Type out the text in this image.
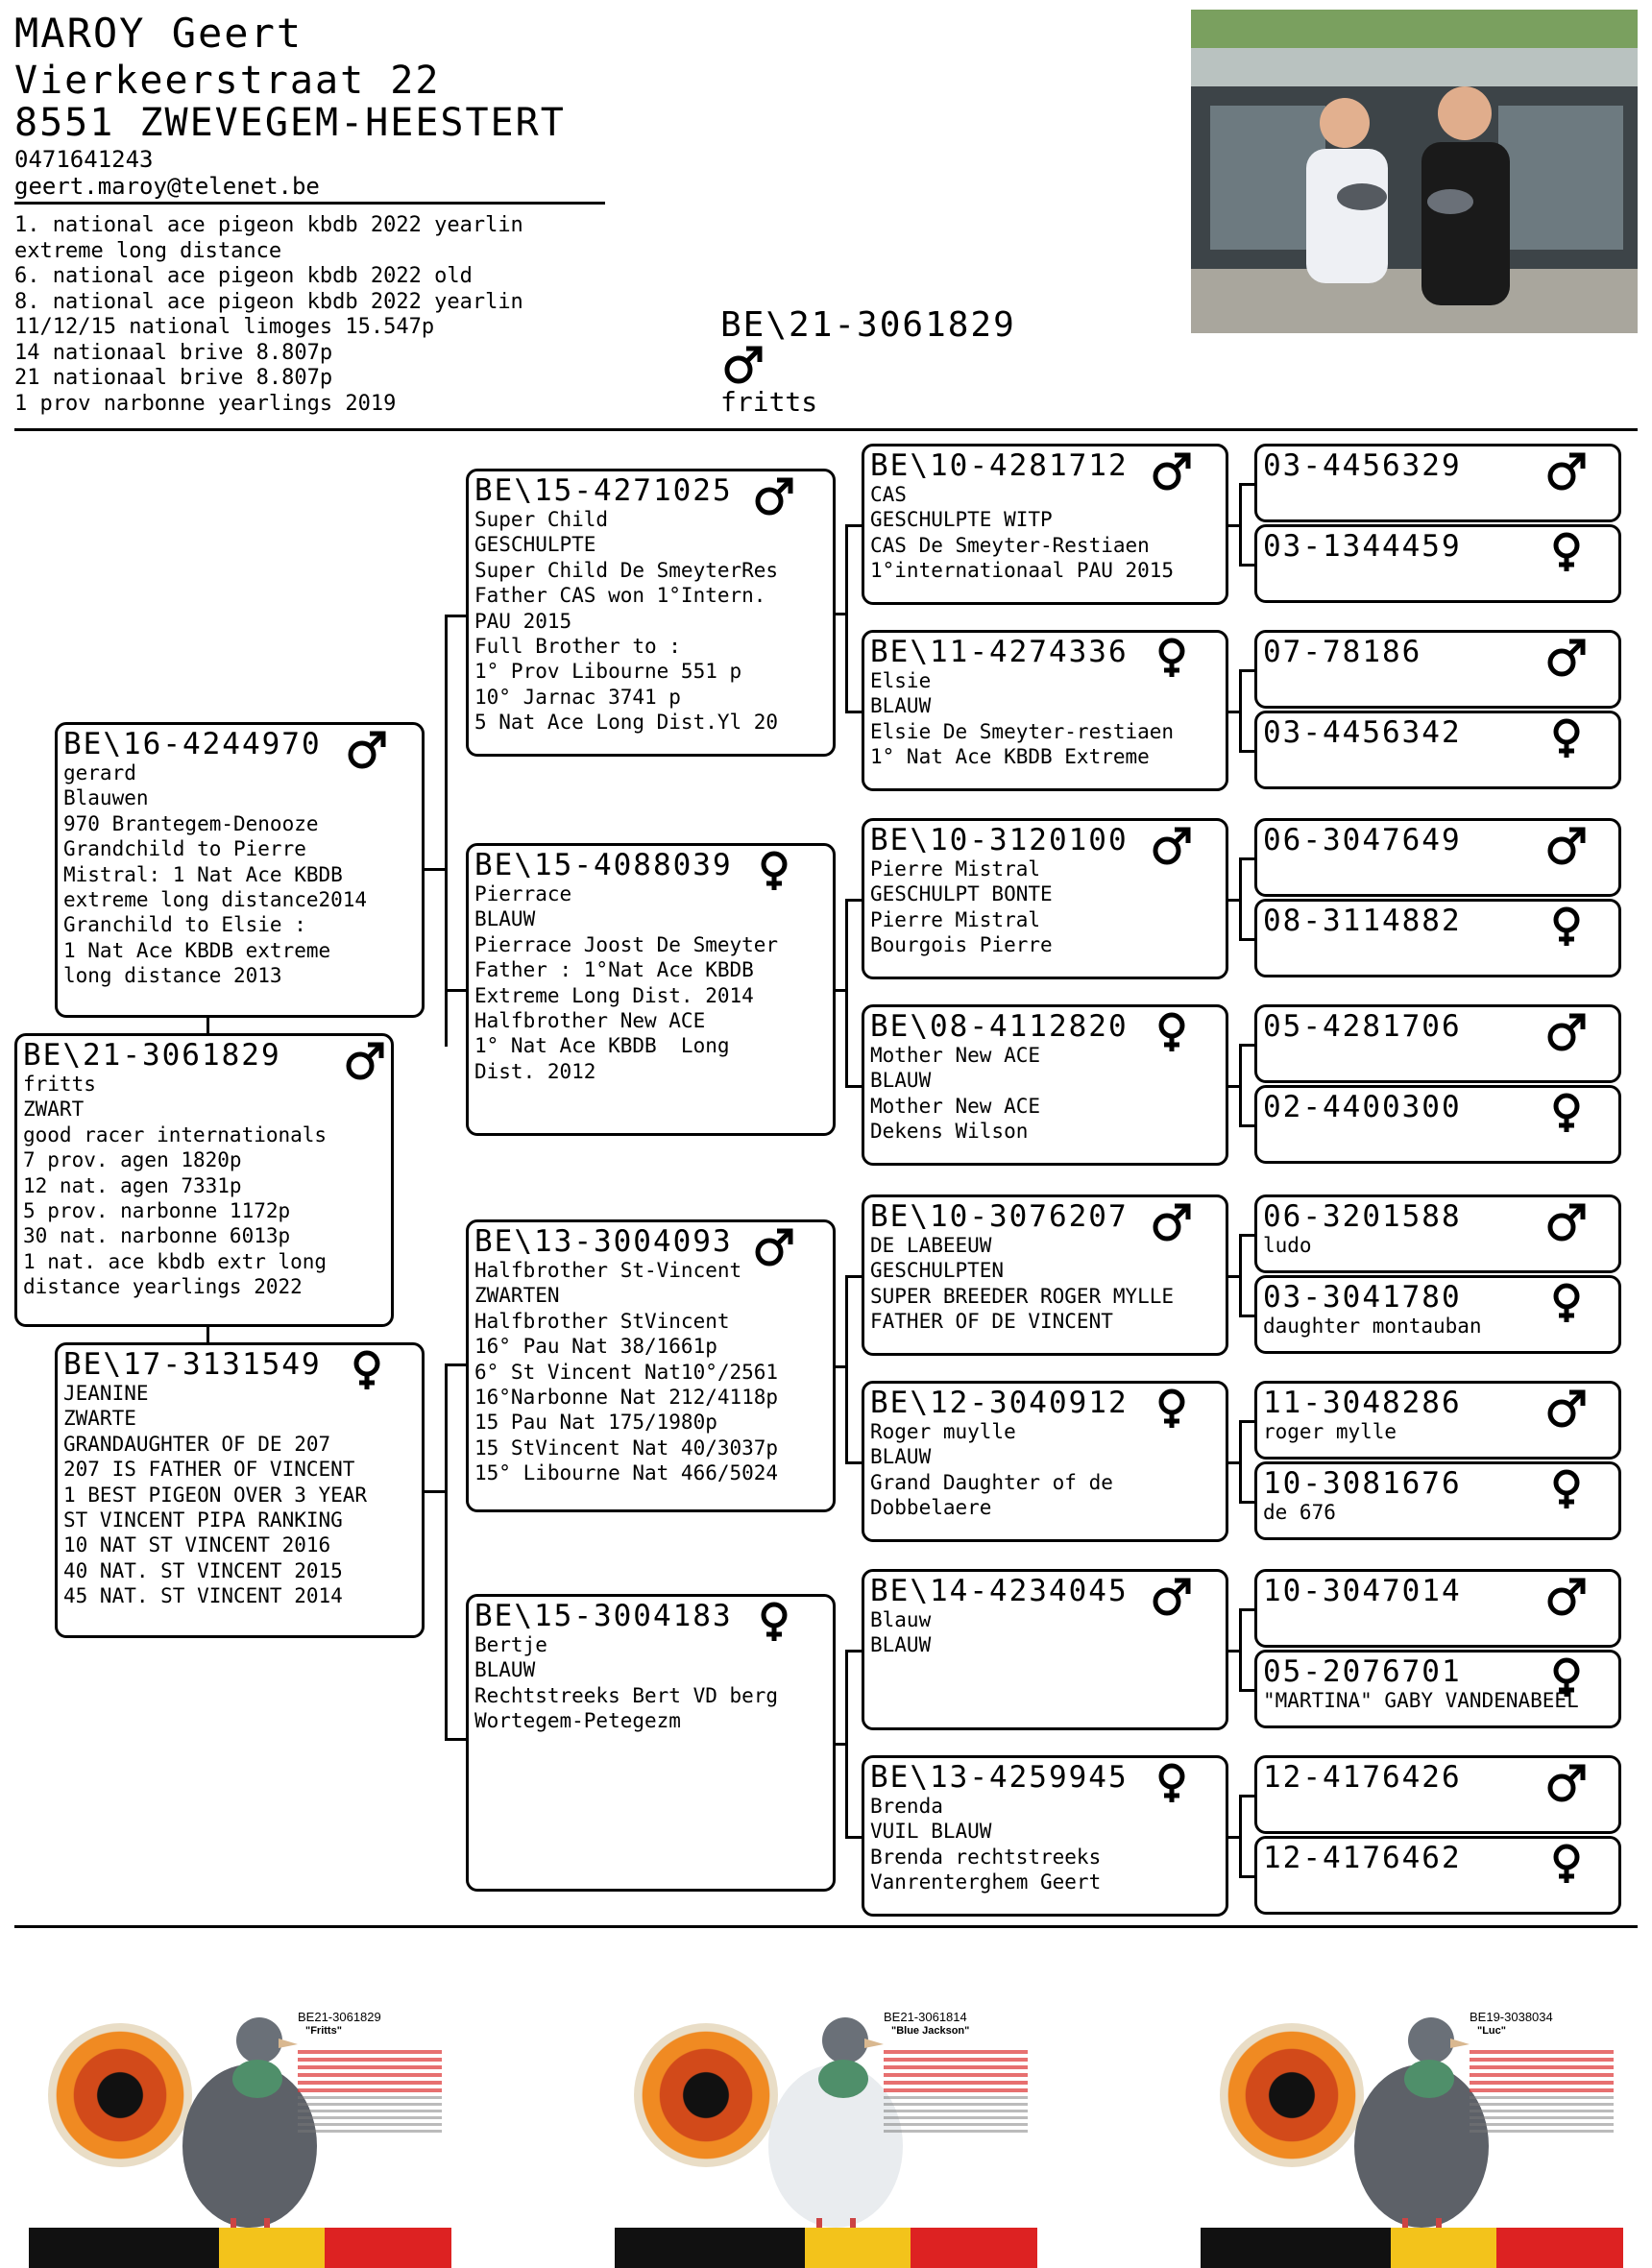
MAROY Geert
Vierkeerstraat 22
8551 ZWEVEGEM-HEESTERT
0471641243
geert.maroy@telenet.be
1. national ace pigeon kbdb 2022 yearlin
extreme long distance
6. national ace pigeon kbdb 2022 old
8. national ace pigeon kbdb 2022 yearlin
11/12/15 national limoges 15.547p
14 nationaal brive 8.807p
21 nationaal brive 8.807p
1 prov narbonne yearlings 2019
BE\21-3061829
fritts
BE\21-3061829
fritts
ZWART
good racer internationals
7 prov. agen 1820p
12 nat. agen 7331p
5 prov. narbonne 1172p
30 nat. narbonne 6013p
1 nat. ace kbdb extr long
distance yearlings 2022
BE\16-4244970
gerard
Blauwen
970 Brantegem-Denooze
Grandchild to Pierre
Mistral: 1 Nat Ace KBDB
extreme long distance2014
Granchild to Elsie :
1 Nat Ace KBDB extreme
long distance 2013
BE\17-3131549
JEANINE
ZWARTE
GRANDAUGHTER OF DE 207
207 IS FATHER OF VINCENT
1 BEST PIGEON OVER 3 YEAR
ST VINCENT PIPA RANKING
10 NAT ST VINCENT 2016
40 NAT. ST VINCENT 2015
45 NAT. ST VINCENT 2014
BE\15-4271025
Super Child
GESCHULPTE
Super Child De SmeyterRes
Father CAS won 1°Intern.
PAU 2015
Full Brother to :
1° Prov Libourne 551 p
10° Jarnac 3741 p
5 Nat Ace Long Dist.Yl 20
BE\15-4088039
Pierrace
BLAUW
Pierrace Joost De Smeyter
Father : 1°Nat Ace KBDB
Extreme Long Dist. 2014
Halfbrother New ACE
1° Nat Ace KBDB  Long
Dist. 2012
BE\13-3004093
Halfbrother St-Vincent
ZWARTEN
Halfbrother StVincent
16° Pau Nat 38/1661p
6° St Vincent Nat10°/2561
16°Narbonne Nat 212/4118p
15 Pau Nat 175/1980p
15 StVincent Nat 40/3037p
15° Libourne Nat 466/5024
BE\15-3004183
Bertje
BLAUW
Rechtstreeks Bert VD berg
Wortegem-Petegezm
BE\10-4281712
CAS
GESCHULPTE WITP
CAS De Smeyter-Restiaen
1°internationaal PAU 2015
BE\11-4274336
Elsie
BLAUW
Elsie De Smeyter-restiaen
1° Nat Ace KBDB Extreme
BE\10-3120100
Pierre Mistral
GESCHULPT BONTE
Pierre Mistral
Bourgois Pierre
BE\08-4112820
Mother New ACE
BLAUW
Mother New ACE
Dekens Wilson
BE\10-3076207
DE LABEEUW
GESCHULPTEN
SUPER BREEDER ROGER MYLLE
FATHER OF DE VINCENT
BE\12-3040912
Roger muylle
BLAUW
Grand Daughter of de
Dobbelaere
BE\14-4234045
Blauw
BLAUW
BE\13-4259945
Brenda
VUIL BLAUW
Brenda rechtstreeks
Vanrenterghem Geert
03-4456329
03-1344459
07-78186
03-4456342
06-3047649
08-3114882
05-4281706
02-4400300
06-3201588
ludo
03-3041780
daughter montauban
11-3048286
roger mylle
10-3081676
de 676
10-3047014
05-2076701
"MARTINA" GABY VANDENABEEL
12-4176426
12-4176462
BE21-3061829
"Fritts"
BE21-3061814
"Blue Jackson"
BE19-3038034
"Luc"
